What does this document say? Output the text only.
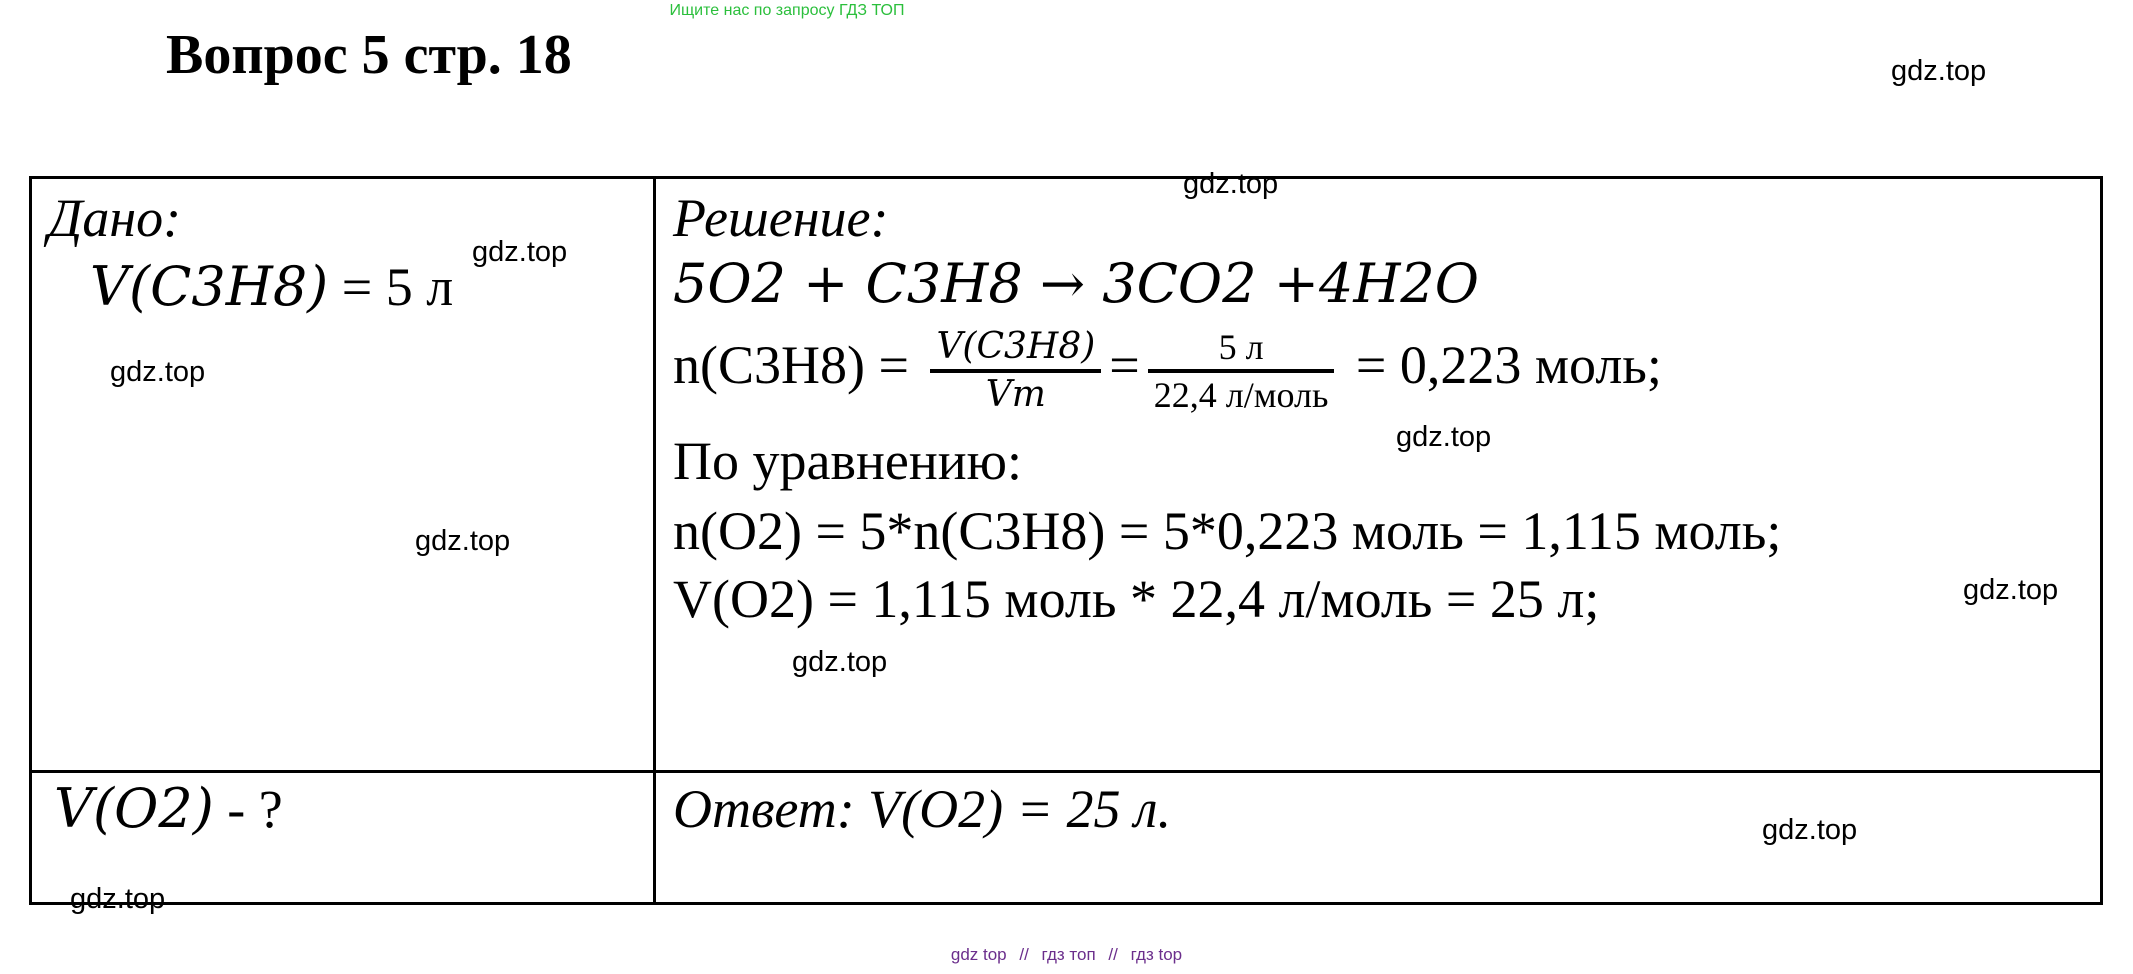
Ищите нас по запросу ГДЗ ТОП
Вопрос 5 стр. 18	gdz.top
gdz.top
gdz.top
gdz.top
gdz.top
gdz.top
gdz.top
gdz.top
gdz.top
gdz.top
Дано:
V(C3H8) = 5 л
V(O2) - ?
Решение:
5O2 + C3H8 → 3CO2 +4H2O
$n(C3H8) = \frac{V(C3H8)}{Vm} = \frac{5 л}{\text{22,4 л/моль}} = 0,223$ моль;
По уравнению:
n(O2) = 5*n(C3H8) = 5*0,223 моль = 1,115 моль;
V(O2) = 1,115 моль * 22,4 л/моль = 25 л;
Ответ: V(O2) = 25 л.
gdz top // гдз топ // гдз top
